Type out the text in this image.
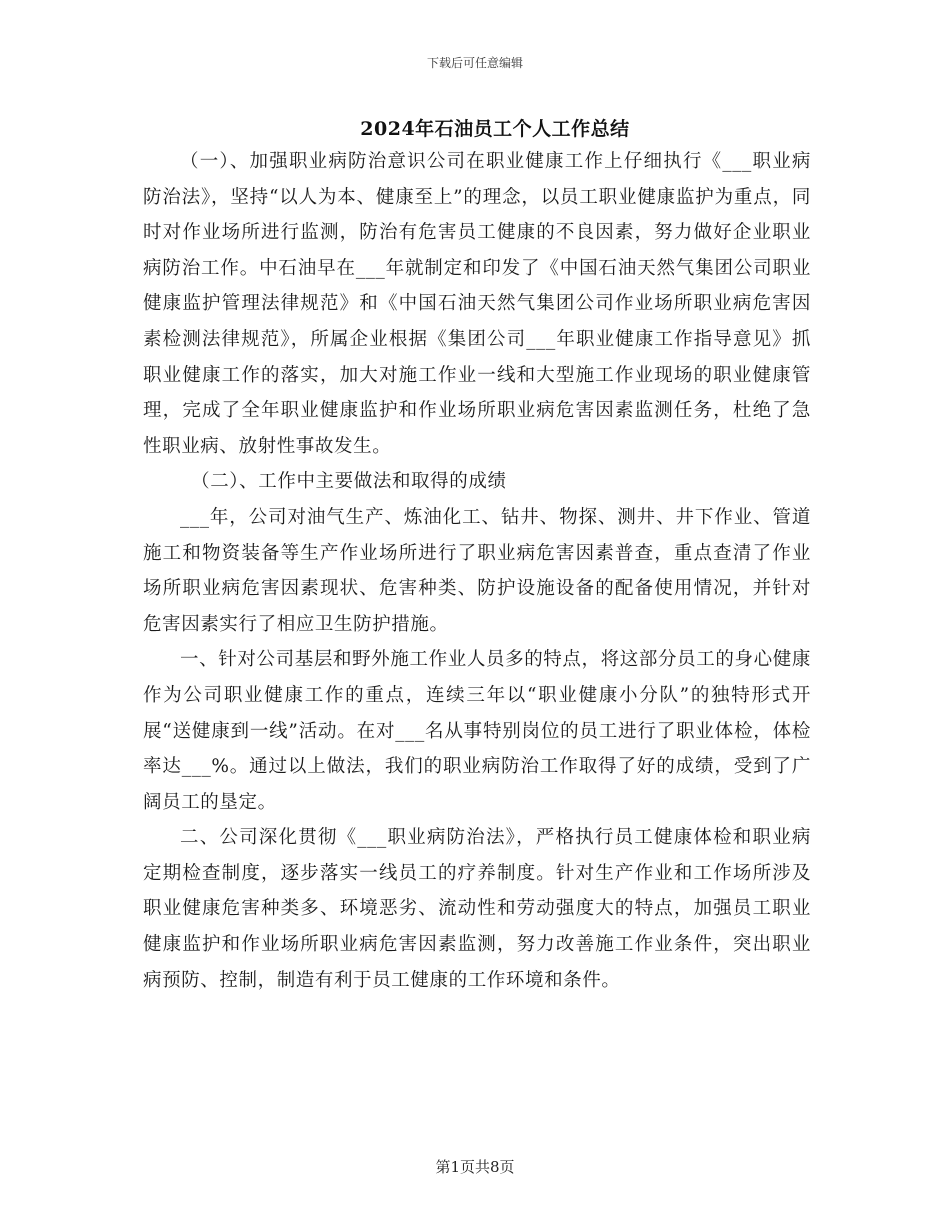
下载后可任意编辑
2024年石油员工个人工作总结

（一）、加强职业病防治意识公司在职业健康工作上仔细执行《___职业病防治法》，坚持“以人为本、健康至上”的理念，以员工职业健康监护为重点，同时对作业场所进行监测，防治有危害员工健康的不良因素，努力做好企业职业病防治工作。中石油早在___年就制定和印发了《中国石油天然气集团公司职业健康监护管理法律规范》和《中国石油天然气集团公司作业场所职业病危害因素检测法律规范》，所属企业根据《集团公司___年职业健康工作指导意见》抓职业健康工作的落实，加大对施工作业一线和大型施工作业现场的职业健康管理，完成了全年职业健康监护和作业场所职业病危害因素监测任务，杜绝了急性职业病、放射性事故发生。

（二）、工作中主要做法和取得的成绩

___年，公司对油气生产、炼油化工、钻井、物探、测井、井下作业、管道施工和物资装备等生产作业场所进行了职业病危害因素普查，重点查清了作业场所职业病危害因素现状、危害种类、防护设施设备的配备使用情况，并针对危害因素实行了相应卫生防护措施。

一、针对公司基层和野外施工作业人员多的特点，将这部分员工的身心健康作为公司职业健康工作的重点，连续三年以“职业健康小分队”的独特形式开展“送健康到一线”活动。在对___名从事特别岗位的员工进行了职业体检，体检率达___%。通过以上做法，我们的职业病防治工作取得了好的成绩，受到了广阔员工的垦定。

二、公司深化贯彻《___职业病防治法》，严格执行员工健康体检和职业病定期检查制度，逐步落实一线员工的疗养制度。针对生产作业和工作场所涉及职业健康危害种类多、环境恶劣、流动性和劳动强度大的特点，加强员工职业健康监护和作业场所职业病危害因素监测，努力改善施工作业条件，突出职业病预防、控制，制造有利于员工健康的工作环境和条件。

第1页共8页
